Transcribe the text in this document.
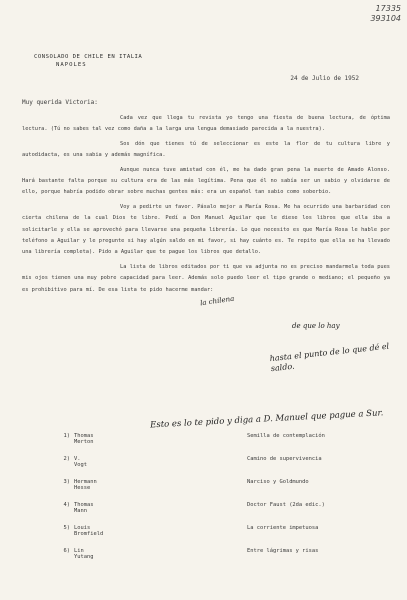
17335
393104
CONSOLADO DE CHILE EN ITALIA
NAPOLES
24 de Julio de 1952
Muy querida Victoria:

Cada vez que llega tu revista yo tengo una fiesta de buena lectura, de óptima lectura. (Tú no sabes tal vez como daña a la larga una lengua demasiado parecida a la nuestra).

Sos dón que tienes tú de seleccionar es este la flor de tu cultura libre y autodidacta, es una sabia y además magnífica.

Aunque nunca tuve amistad con él, me ha dado gran pena la muerte de Amado Alonso. Hará bastante falta porque su cultura era de las más legítima. Pena que él no sabía ser un sabio y olvidarse de ello, porque habría podido obrar sobre muchas gentes más: era un español tan sabio como soberbio.

Voy a pedirte un favor. Pásalo mejor a María Rosa. Me ha ocurrido una barbaridad con cierta chilena de la cual Dios te libre. Pedí a Don Manuel Aguilar que le diese los libros que ella iba a solicitarle y ella se aprovechó para llevarse una pequeña librería. Lo que necesito es que María Rosa le hable por teléfono a Aguilar y le pregunte si hay algún saldo en mi favor, si hay cuánto es. Te repito que ella se ha llevado una librería completa). Pido a Aguilar que te pague los libros que detallo.

La lista de libros editados por ti que va adjunta no es preciso mandarmela toda pues mis ojos tienen una muy pobre capacidad para leer. Además solo puedo leer el tipo grande o mediano; el pequeño ya es prohibitivo para mí. De esa lista te pido hacerme mandar:

la chilena
de que lo hay
hasta el punto de lo que dé el saldo.
Esto es lo te pido y diga a D. Manuel que pague a Sur.
1) Thomas Merton
Semilla de contemplación
2) V. Vogt
Camino de supervivencia
3) Hermann Hesse
Narciso y Goldmundo
4) Thomas Mann
Doctor Faust (2da edic.)
5) Louis Bromfield
La corriente impetuosa
6) Lin Yutang
Entre lágrimas y risas
